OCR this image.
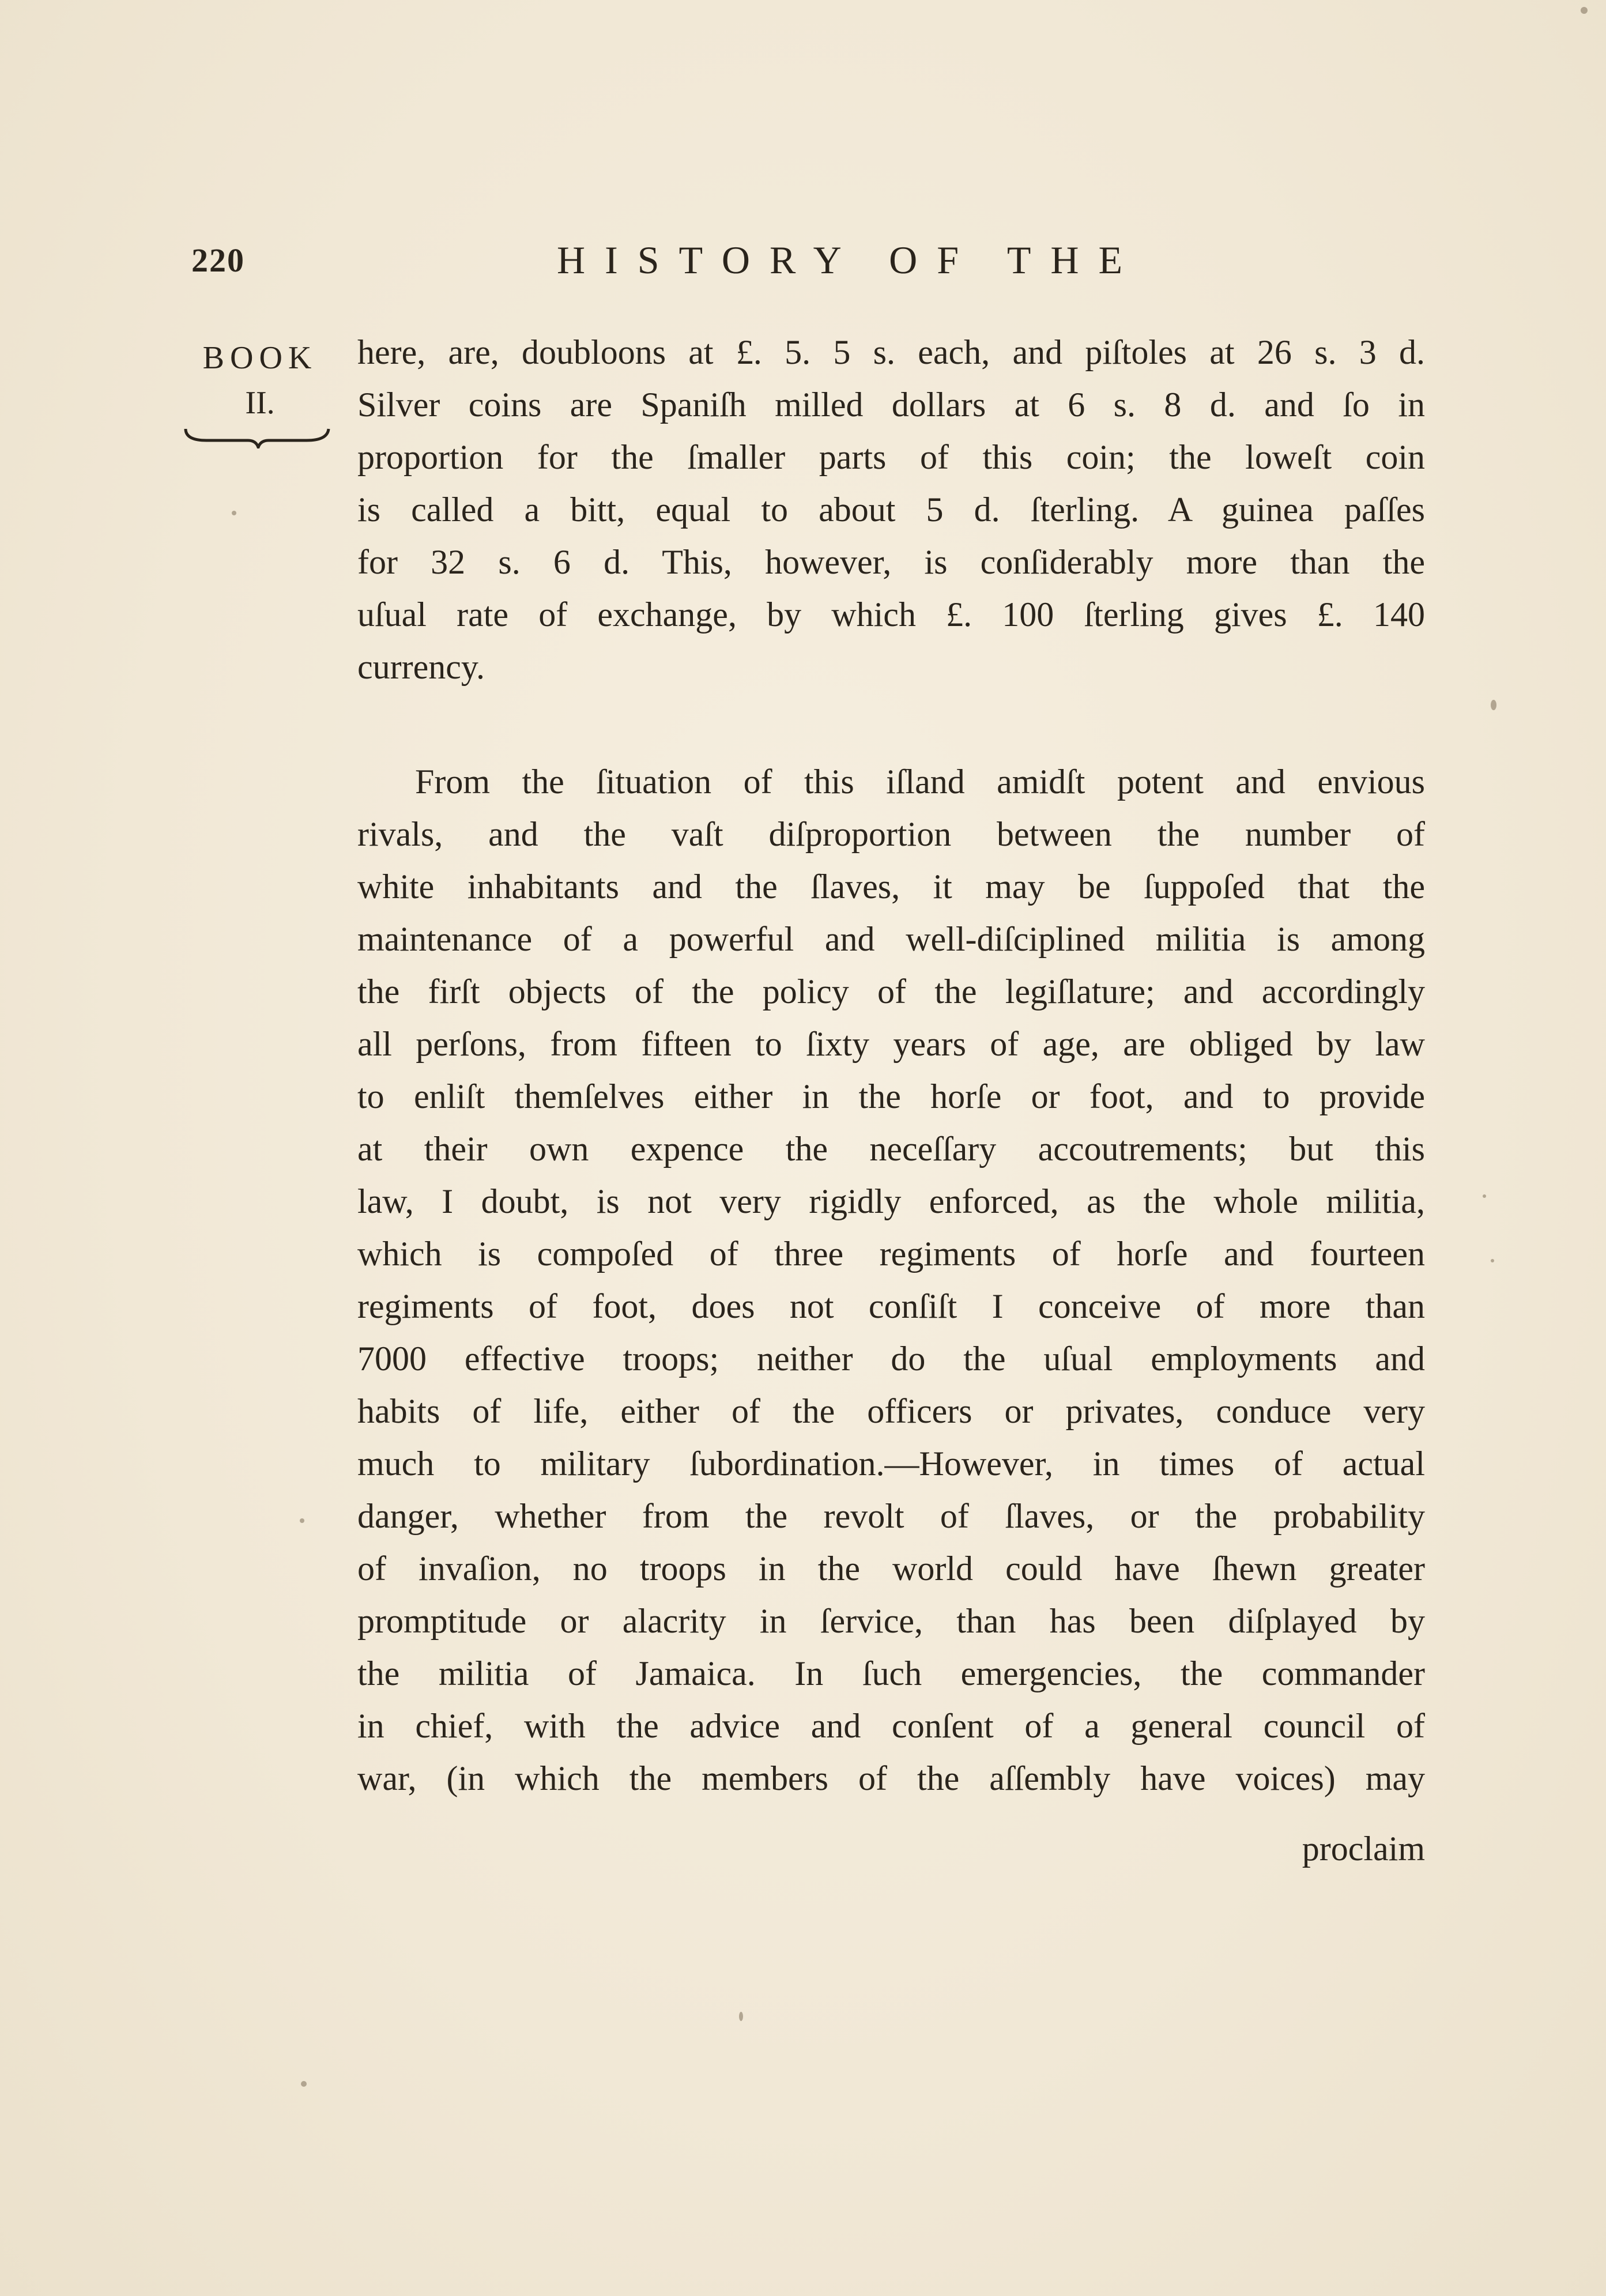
220	HISTORY OF THE
BOOK
II.
here, are, doubloons at £. 5. 5 s. each, and piſtoles at 26 s. 3 d.
Silver coins are Spaniſh milled dollars at 6 s. 8 d. and ſo in
proportion for the ſmaller parts of this coin; the loweſt coin
is called a bitt, equal to about 5 d. ſterling. A guinea paſſes
for 32 s. 6 d. This, however, is conſiderably more than the
uſual rate of exchange, by which £. 100 ſterling gives £. 140
currency.
From the ſituation of this iſland amidſt potent and envious
rivals, and the vaſt diſproportion between the number of
white inhabitants and the ſlaves, it may be ſuppoſed that the
maintenance of a powerful and well-diſciplined militia is among
the firſt objects of the policy of the legiſlature; and accordingly
all perſons, from fifteen to ſixty years of age, are obliged by law
to enliſt themſelves either in the horſe or foot, and to provide
at their own expence the neceſſary accoutrements; but this
law, I doubt, is not very rigidly enforced, as the whole militia,
which is compoſed of three regiments of horſe and fourteen
regiments of foot, does not conſiſt I conceive of more than
7000 effective troops; neither do the uſual employments and
habits of life, either of the officers or privates, conduce very
much to military ſubordination.—However, in times of actual
danger, whether from the revolt of ſlaves, or the probability
of invaſion, no troops in the world could have ſhewn greater
promptitude or alacrity in ſervice, than has been diſplayed by
the militia of Jamaica. In ſuch emergencies, the commander
in chief, with the advice and conſent of a general council of
war, (in which the members of the aſſembly have voices) may
proclaim
